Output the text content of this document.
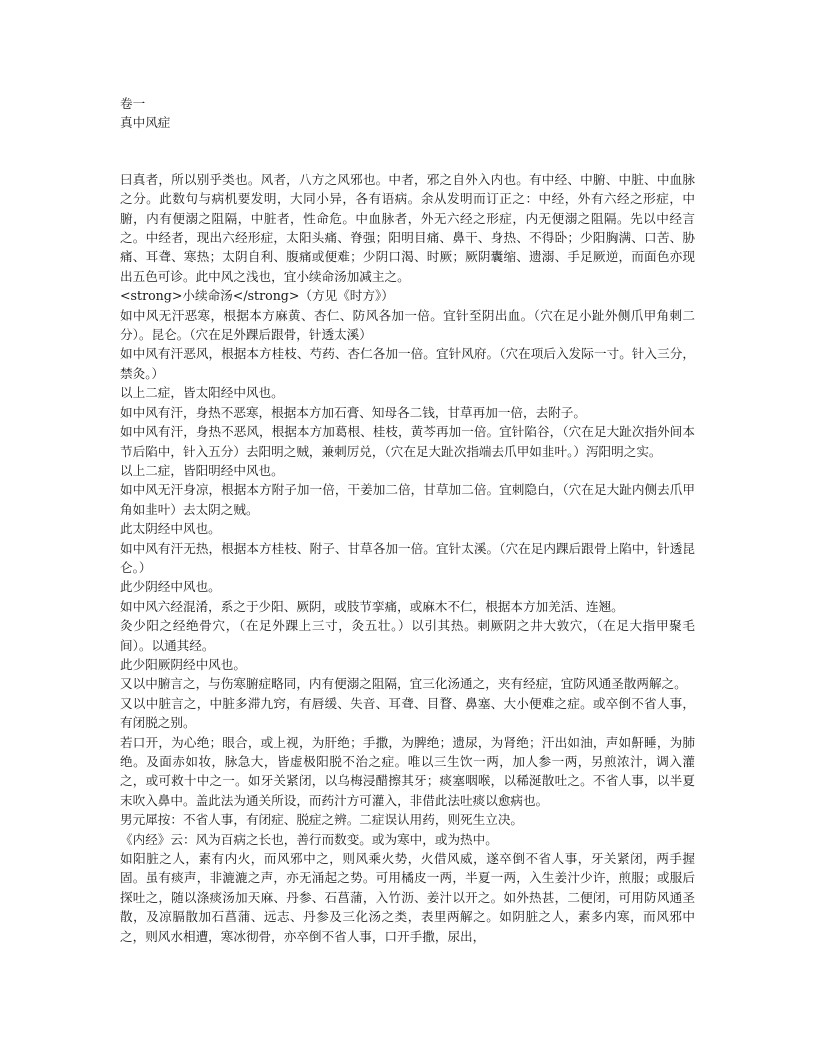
卷一

真中风症

曰真者，所以别乎类也。风者，八方之风邪也。中者，邪之自外入内也。有中经、中腑、中脏、中血脉之分。此数句与病机要发明，大同小异，各有语病。余从发明而订正之：中经，外有六经之形症，中腑，内有便溺之阻隔，中脏者，性命危。中血脉者，外无六经之形症，内无便溺之阻隔。先以中经言之。中经者，现出六经形症，太阳头痛、脊强；阳明目痛、鼻干、身热、不得卧；少阳胸满、口苦、胁痛、耳聋、寒热；太阴自利、腹痛或便难；少阴口渴、时厥；厥阴囊缩、遗溺、手足厥逆，而面色亦现出五色可诊。此中风之浅也，宜小续命汤加减主之。

<strong>小续命汤</strong>（方见《时方》）

如中风无汗恶寒，根据本方麻黄、杏仁、防风各加一倍。宜针至阴出血。（穴在足小趾外侧爪甲角刺二分）。昆仑。（穴在足外踝后跟骨，针透太溪）

如中风有汗恶风，根据本方桂枝、芍药、杏仁各加一倍。宜针风府。（穴在项后入发际一寸。针入三分，禁灸。）

以上二症，皆太阳经中风也。

如中风有汗，身热不恶寒，根据本方加石膏、知母各二钱，甘草再加一倍，去附子。

如中风有汗，身热不恶风，根据本方加葛根、桂枝，黄芩再加一倍。宜针陷谷，（穴在足大趾次指外间本节后陷中，针入五分）去阳明之贼，兼刺厉兑，（穴在足大趾次指端去爪甲如韭叶。）泻阳明之实。

以上二症，皆阳明经中风也。

如中风无汗身凉，根据本方附子加一倍，干姜加二倍，甘草加二倍。宜刺隐白，（穴在足大趾内侧去爪甲角如韭叶）去太阴之贼。

此太阴经中风也。

如中风有汗无热，根据本方桂枝、附子、甘草各加一倍。宜针太溪。（穴在足内踝后跟骨上陷中，针透昆仑。）

此少阴经中风也。

如中风六经混淆，系之于少阳、厥阴，或肢节挛痛，或麻木不仁，根据本方加羌活、连翘。

灸少阳之经绝骨穴，（在足外踝上三寸，灸五壮。）以引其热。刺厥阴之井大敦穴，（在足大指甲聚毛间）。以通其经。

此少阳厥阴经中风也。

又以中腑言之，与伤寒腑症略同，内有便溺之阻隔，宜三化汤通之，夹有经症，宜防风通圣散两解之。

又以中脏言之，中脏多滞九窍，有唇缓、失音、耳聋、目瞀、鼻塞、大小便难之症。或卒倒不省人事，有闭脱之别。

若口开，为心绝；眼合，或上视，为肝绝；手撒，为脾绝；遗尿，为肾绝；汗出如油，声如鼾睡，为肺绝。及面赤如妆，脉急大，皆虚极阳脱不治之症。唯以三生饮一两，加人参一两，另煎浓汁，调入灌之，或可救十中之一。如牙关紧闭，以乌梅浸醋擦其牙；痰塞咽喉，以稀涎散吐之。不省人事，以半夏末吹入鼻中。盖此法为通关所设，而药汁方可灌入，非借此法吐痰以愈病也。

男元犀按：不省人事，有闭症、脱症之辨。二症误认用药，则死生立决。

《内经》云：风为百病之长也，善行而数变。或为寒中，或为热中。

如阳脏之人，素有内火，而风邪中之，则风乘火势，火借风威，遂卒倒不省人事，牙关紧闭，两手握固。虽有痰声，非漉漉之声，亦无涌起之势。可用橘皮一两，半夏一两，入生姜汁少许，煎服；或服后探吐之，随以涤痰汤加天麻、丹参、石菖蒲，入竹沥、姜汁以开之。如外热甚，二便闭，可用防风通圣散，及凉膈散加石菖蒲、远志、丹参及三化汤之类，表里两解之。如阴脏之人，素多内寒，而风邪中之，则风水相遭，寒冰彻骨，亦卒倒不省人事，口开手撒，尿出，
